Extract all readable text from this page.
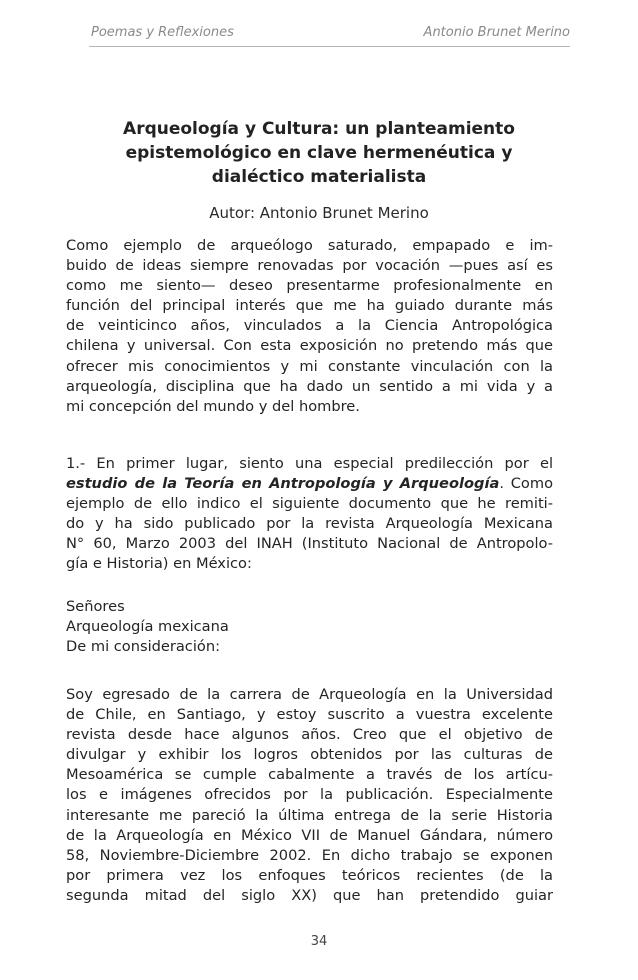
Poemas y Reflexiones	Antonio Brunet Merino
Arqueología y Cultura: un planteamiento
epistemológico en clave hermenéutica y
dialéctico materialista
Autor: Antonio Brunet Merino
Como ejemplo de arqueólogo saturado, empapado e im-
buido de ideas siempre renovadas por vocación —pues así es
como me siento— deseo presentarme profesionalmente en
función del principal interés que me ha guiado durante más
de veinticinco años, vinculados a la Ciencia Antropológica
chilena y universal. Con esta exposición no pretendo más que
ofrecer mis conocimientos y mi constante vinculación con la
arqueología, disciplina que ha dado un sentido a mi vida y a
mi concepción del mundo y del hombre.
1.- En primer lugar, siento una especial predilección por el
estudio de la Teoría en Antropología y Arqueología. Como
ejemplo de ello indico el siguiente documento que he remiti-
do y ha sido publicado por la revista Arqueología Mexicana
N° 60, Marzo 2003 del INAH (Instituto Nacional de Antropolo-
gía e Historia) en México:
Señores
Arqueología mexicana
De mi consideración:
Soy egresado de la carrera de Arqueología en la Universidad
de Chile, en Santiago, y estoy suscrito a vuestra excelente
revista desde hace algunos años. Creo que el objetivo de
divulgar y exhibir los logros obtenidos por las culturas de
Mesoamérica se cumple cabalmente a través de los artícu-
los e imágenes ofrecidos por la publicación. Especialmente
interesante me pareció la última entrega de la serie Historia
de la Arqueología en México VII de Manuel Gándara, número
58, Noviembre-Diciembre 2002. En dicho trabajo se exponen
por primera vez los enfoques teóricos recientes (de la
segunda mitad del siglo XX) que han pretendido guiar
34
